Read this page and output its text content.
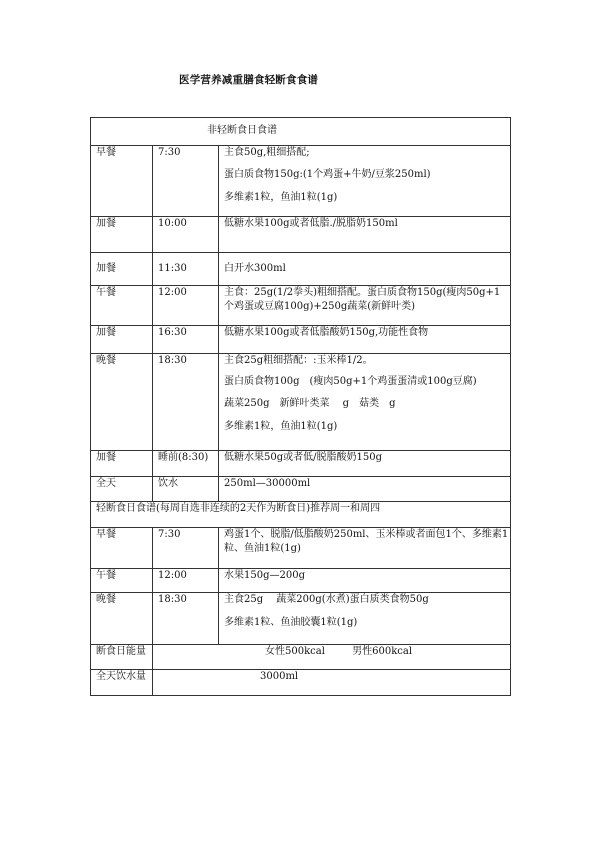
医学营养减重膳食轻断食食谱
非轻断食日食谱		
早餐	7:30	主食50g,粗细搭配;
蛋白质食物150g:(1个鸡蛋+牛奶/豆浆250ml)
多维素1粒，鱼油1粒(1g)

加餐	10:00	低糖水果100g或者低脂./脱脂奶150ml

加餐	11:30	白开水300ml

午餐	12:00	主食：25g(1/2拳头)粗细搭配。蛋白质食物150g(瘦肉50g+1个鸡蛋或豆腐100g)+250g蔬菜(新鲜叶类)

加餐	16:30	低糖水果100g或者低脂酸奶150g,功能性食物

晚餐	18:30	主食25g粗细搭配：:玉米棒1/2。
蛋白质食物100g　(瘦肉50g+1个鸡蛋蛋清或100g豆腐)
蔬菜250g　新鲜叶类菜　 g　菇类　g
多维素1粒，鱼油1粒(1g)

加餐	睡前(8:30)	低糖水果50g或者低/脱脂酸奶150g

全天	饮水	250ml—30000ml

轻断食日食谱(每周自选非连续的2天作为断食日)推荐周一和周四		
早餐	7:30	鸡蛋1个、脱脂/低脂酸奶250ml、玉米棒或者面包1个、多维素1粒、鱼油1粒(1g)

午餐	12:00	水果150g—200g

晚餐	18:30	主食25g　 蔬菜200g(水煮)蛋白质类食物50g
多维素1粒、鱼油胶囊1粒(1g)

断食日能量	女性500kcal 男性600kcal	
全天饮水量	3000ml	
